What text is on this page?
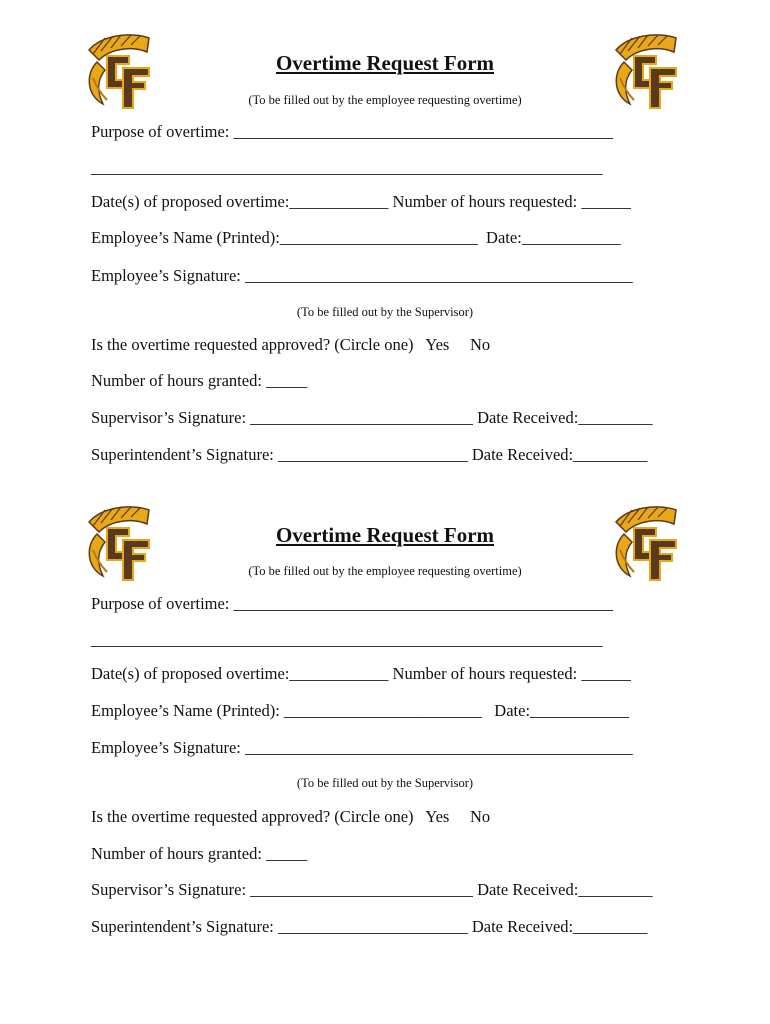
Overtime Request Form
(To be filled out by the employee requesting overtime)
Purpose of overtime: ______________________________________________
______________________________________________________________
Date(s) of proposed overtime:____________ Number of hours requested: ______
Employee’s Name (Printed):________________________ Date:____________
Employee’s Signature: _______________________________________________
(To be filled out by the Supervisor)
Is the overtime requested approved? (Circle one) Yes No
Number of hours granted: _____
Supervisor’s Signature: ___________________________ Date Received:_________
Superintendent’s Signature: _______________________ Date Received:_________
Overtime Request Form
(To be filled out by the employee requesting overtime)
Purpose of overtime: ______________________________________________
______________________________________________________________
Date(s) of proposed overtime:____________ Number of hours requested: ______
Employee’s Name (Printed): ________________________ Date:____________
Employee’s Signature: _______________________________________________
(To be filled out by the Supervisor)
Is the overtime requested approved? (Circle one) Yes No
Number of hours granted: _____
Supervisor’s Signature: ___________________________ Date Received:_________
Superintendent’s Signature: _______________________ Date Received:_________
